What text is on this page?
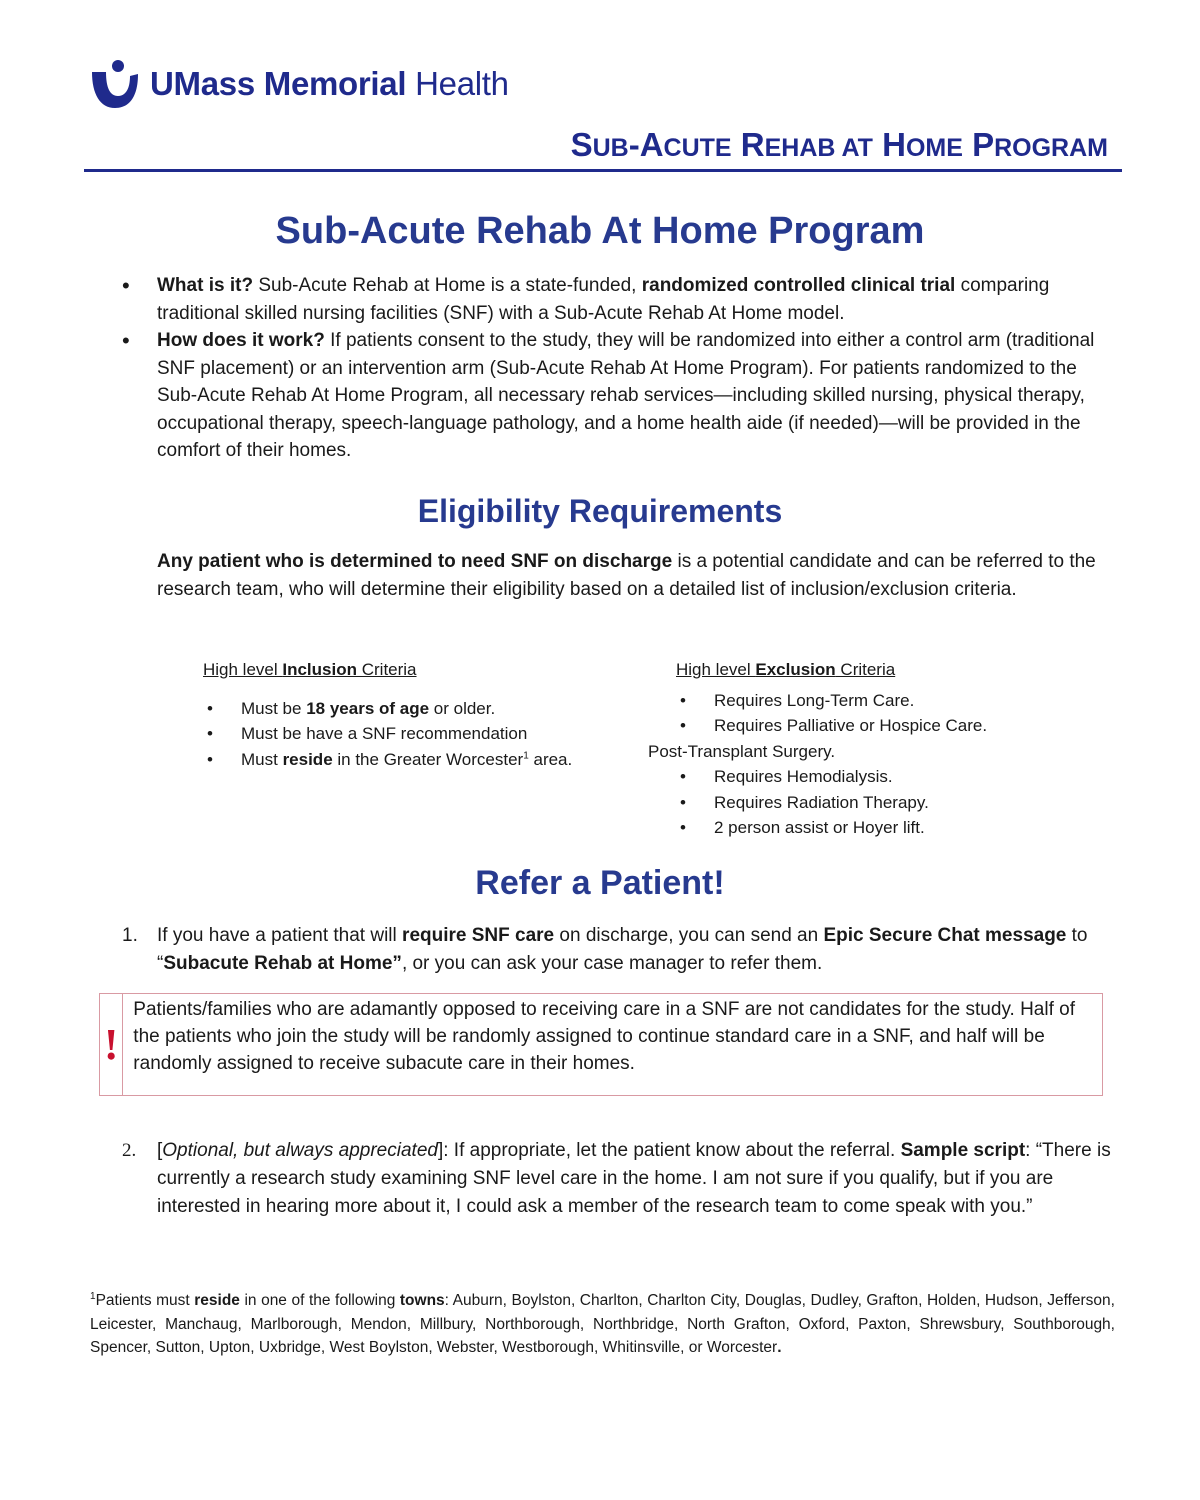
UMass Memorial Health
SUB-ACUTE REHAB AT HOME PROGRAM
Sub-Acute Rehab At Home Program
• What is it? Sub-Acute Rehab at Home is a state-funded, randomized controlled clinical trial comparing traditional skilled nursing facilities (SNF) with a Sub-Acute Rehab At Home model.
• How does it work? If patients consent to the study, they will be randomized into either a control arm (traditional SNF placement) or an intervention arm (Sub-Acute Rehab At Home Program). For patients randomized to the Sub-Acute Rehab At Home Program, all necessary rehab services—including skilled nursing, physical therapy, occupational therapy, speech-language pathology, and a home health aide (if needed)—will be provided in the comfort of their homes.
Eligibility Requirements

Any patient who is determined to need SNF on discharge is a potential candidate and can be referred to the research team, who will determine their eligibility based on a detailed list of inclusion/exclusion criteria.

High level Inclusion Criteria
• Must be 18 years of age or older.
• Must be have a SNF recommendation
• Must reside in the Greater Worcester$^1$ area.
High level Exclusion Criteria
• Requires Long-Term Care.
• Requires Palliative or Hospice Care.
Post-Transplant Surgery.
• Requires Hemodialysis.
• Requires Radiation Therapy.
• 2 person assist or Hoyer lift.
Refer a Patient!
1. If you have a patient that will require SNF care on discharge, you can send an Epic Secure Chat message to “Subacute Rehab at Home”, or you can ask your case manager to refer them.
!
Patients/families who are adamantly opposed to receiving care in a SNF are not candidates for the study. Half of the patients who join the study will be randomly assigned to continue standard care in a SNF, and half will be randomly assigned to receive subacute care in their homes.
2. [Optional, but always appreciated]: If appropriate, let the patient know about the referral. Sample script: “There is currently a research study examining SNF level care in the home. I am not sure if you qualify, but if you are interested in hearing more about it, I could ask a member of the research team to come speak with you.”

$^1$Patients must reside in one of the following towns: Auburn, Boylston, Charlton, Charlton City, Douglas, Dudley, Grafton, Holden, Hudson, Jefferson, Leicester, Manchaug, Marlborough, Mendon, Millbury, Northborough, Northbridge, North Grafton, Oxford, Paxton, Shrewsbury, Southborough, Spencer, Sutton, Upton, Uxbridge, West Boylston, Webster, Westborough, Whitinsville, or Worcester.
